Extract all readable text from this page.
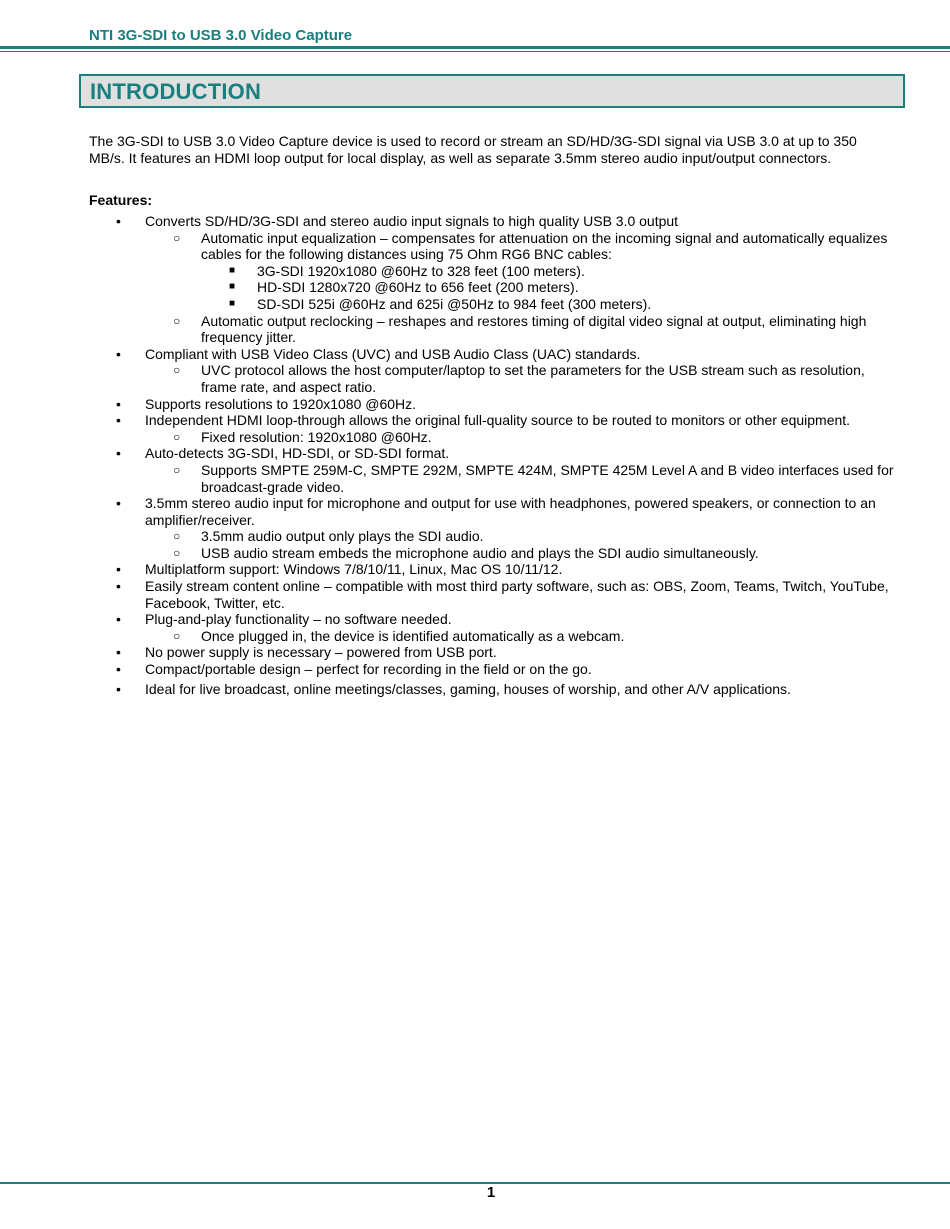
NTI 3G-SDI to USB 3.0 Video Capture
INTRODUCTION
The 3G-SDI to USB 3.0 Video Capture device is used to record or stream an SD/HD/3G-SDI signal via USB 3.0 at up to 350 MB/s. It features an HDMI loop output for local display, as well as separate 3.5mm stereo audio input/output connectors.
Features:
• Converts SD/HD/3G-SDI and stereo audio input signals to high quality USB 3.0 output
○ Automatic input equalization – compensates for attenuation on the incoming signal and automatically equalizes cables for the following distances using 75 Ohm RG6 BNC cables:
■ 3G-SDI 1920x1080 @60Hz to 328 feet (100 meters).
■ HD-SDI 1280x720 @60Hz to 656 feet (200 meters).
■ SD-SDI 525i @60Hz and 625i @50Hz to 984 feet (300 meters).
○ Automatic output reclocking – reshapes and restores timing of digital video signal at output, eliminating high frequency jitter.
• Compliant with USB Video Class (UVC) and USB Audio Class (UAC) standards.
○ UVC protocol allows the host computer/laptop to set the parameters for the USB stream such as resolution, frame rate, and aspect ratio.
• Supports resolutions to 1920x1080 @60Hz.
• Independent HDMI loop-through allows the original full-quality source to be routed to monitors or other equipment.
○ Fixed resolution: 1920x1080 @60Hz.
• Auto-detects 3G-SDI, HD-SDI, or SD-SDI format.
○ Supports SMPTE 259M-C, SMPTE 292M, SMPTE 424M, SMPTE 425M Level A and B video interfaces used for broadcast-grade video.
• 3.5mm stereo audio input for microphone and output for use with headphones, powered speakers, or connection to an amplifier/receiver.
○ 3.5mm audio output only plays the SDI audio.
○ USB audio stream embeds the microphone audio and plays the SDI audio simultaneously.
• Multiplatform support: Windows 7/8/10/11, Linux, Mac OS 10/11/12.
• Easily stream content online – compatible with most third party software, such as: OBS, Zoom, Teams, Twitch, YouTube, Facebook, Twitter, etc.
• Plug-and-play functionality – no software needed.
○ Once plugged in, the device is identified automatically as a webcam.
• No power supply is necessary – powered from USB port.
• Compact/portable design – perfect for recording in the field or on the go.
• Ideal for live broadcast, online meetings/classes, gaming, houses of worship, and other A/V applications.
1
